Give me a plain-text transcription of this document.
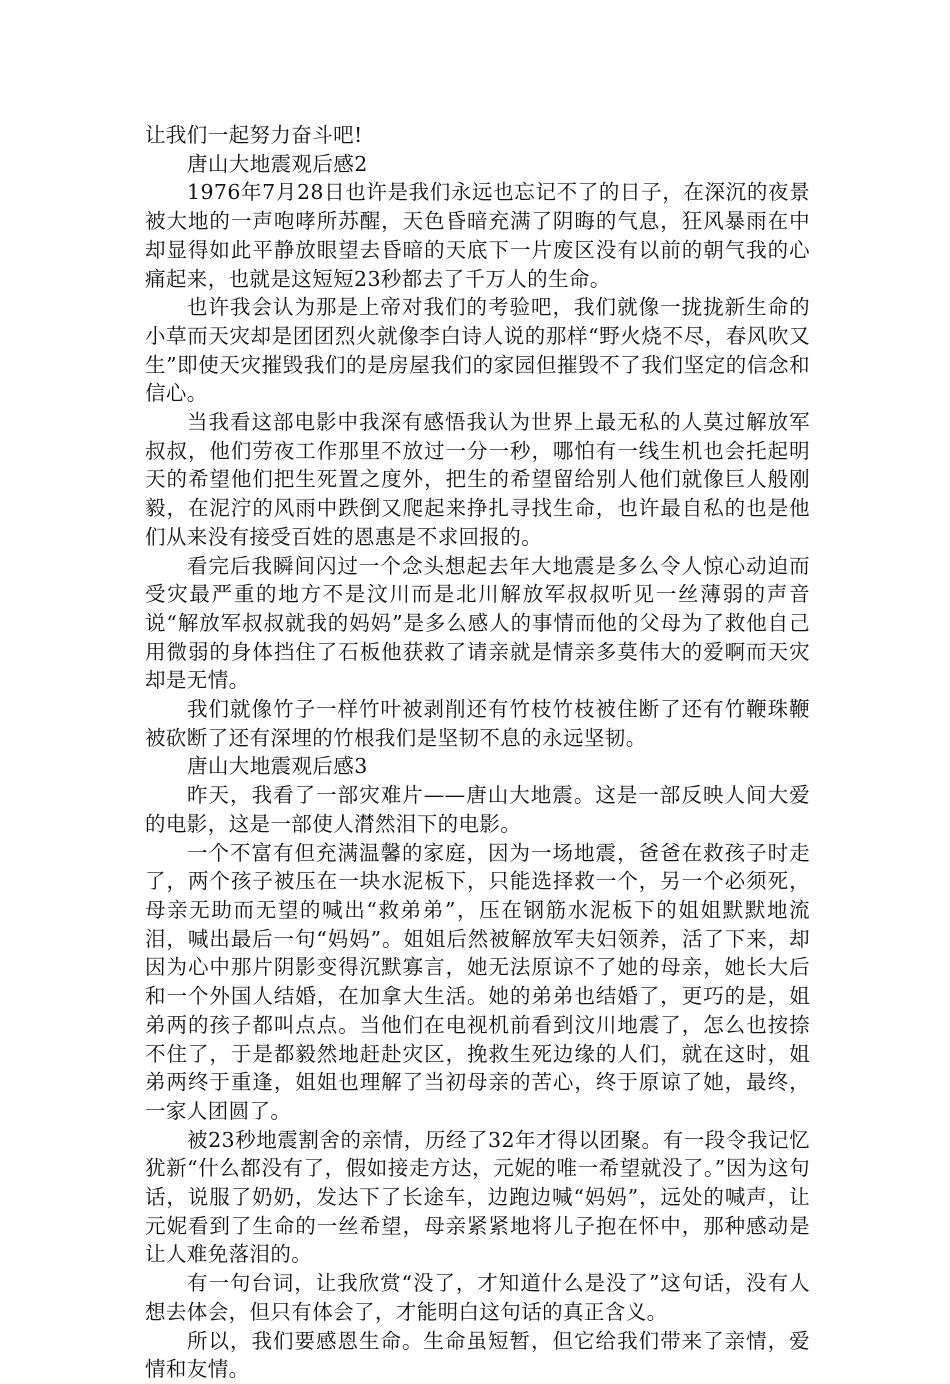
让我们一起努力奋斗吧!

唐山大地震观后感2

1976年7月28日也许是我们永远也忘记不了的日子，在深沉的夜景被大地的一声咆哮所苏醒，天色昏暗充满了阴晦的气息，狂风暴雨在中却显得如此平静放眼望去昏暗的天底下一片废区没有以前的朝气我的心痛起来，也就是这短短23秒都去了千万人的生命。

也许我会认为那是上帝对我们的考验吧，我们就像一拢拢新生命的小草而天灾却是团团烈火就像李白诗人说的那样“野火烧不尽，春风吹又生”即使天灾摧毁我们的是房屋我们的家园但摧毁不了我们坚定的信念和信心。

当我看这部电影中我深有感悟我认为世界上最无私的人莫过解放军叔叔，他们劳夜工作那里不放过一分一秒，哪怕有一线生机也会托起明天的希望他们把生死置之度外，把生的希望留给别人他们就像巨人般刚毅，在泥泞的风雨中跌倒又爬起来挣扎寻找生命，也许最自私的也是他们从来没有接受百姓的恩惠是不求回报的。

看完后我瞬间闪过一个念头想起去年大地震是多么令人惊心动迫而受灾最严重的地方不是汶川而是北川解放军叔叔听见一丝薄弱的声音说“解放军叔叔就我的妈妈”是多么感人的事情而他的父母为了救他自己用微弱的身体挡住了石板他获救了请亲就是情亲多莫伟大的爱啊而天灾却是无情。

我们就像竹子一样竹叶被剥削还有竹枝竹枝被住断了还有竹鞭珠鞭被砍断了还有深埋的竹根我们是坚韧不息的永远坚韧。

唐山大地震观后感3

昨天，我看了一部灾难片——唐山大地震。这是一部反映人间大爱的电影，这是一部使人潸然泪下的电影。

一个不富有但充满温馨的家庭，因为一场地震，爸爸在救孩子时走了，两个孩子被压在一块水泥板下，只能选择救一个，另一个必须死，母亲无助而无望的喊出“救弟弟”，压在钢筋水泥板下的姐姐默默地流泪，喊出最后一句“妈妈”。姐姐后然被解放军夫妇领养，活了下来，却因为心中那片阴影变得沉默寡言，她无法原谅不了她的母亲，她长大后和一个外国人结婚，在加拿大生活。她的弟弟也结婚了，更巧的是，姐弟两的孩子都叫点点。当他们在电视机前看到汶川地震了，怎么也按捺不住了，于是都毅然地赶赴灾区，挽救生死边缘的人们，就在这时，姐弟两终于重逢，姐姐也理解了当初母亲的苦心，终于原谅了她，最终，一家人团圆了。

被23秒地震割舍的亲情，历经了32年才得以团聚。有一段令我记忆犹新“什么都没有了，假如接走方达，元妮的唯一希望就没了。”因为这句话，说服了奶奶，发达下了长途车，边跑边喊“妈妈”，远处的喊声，让元妮看到了生命的一丝希望，母亲紧紧地将儿子抱在怀中，那种感动是让人难免落泪的。

有一句台词，让我欣赏“没了，才知道什么是没了”这句话，没有人想去体会，但只有体会了，才能明白这句话的真正含义。

所以，我们要感恩生命。生命虽短暂，但它给我们带来了亲情，爱情和友情。
